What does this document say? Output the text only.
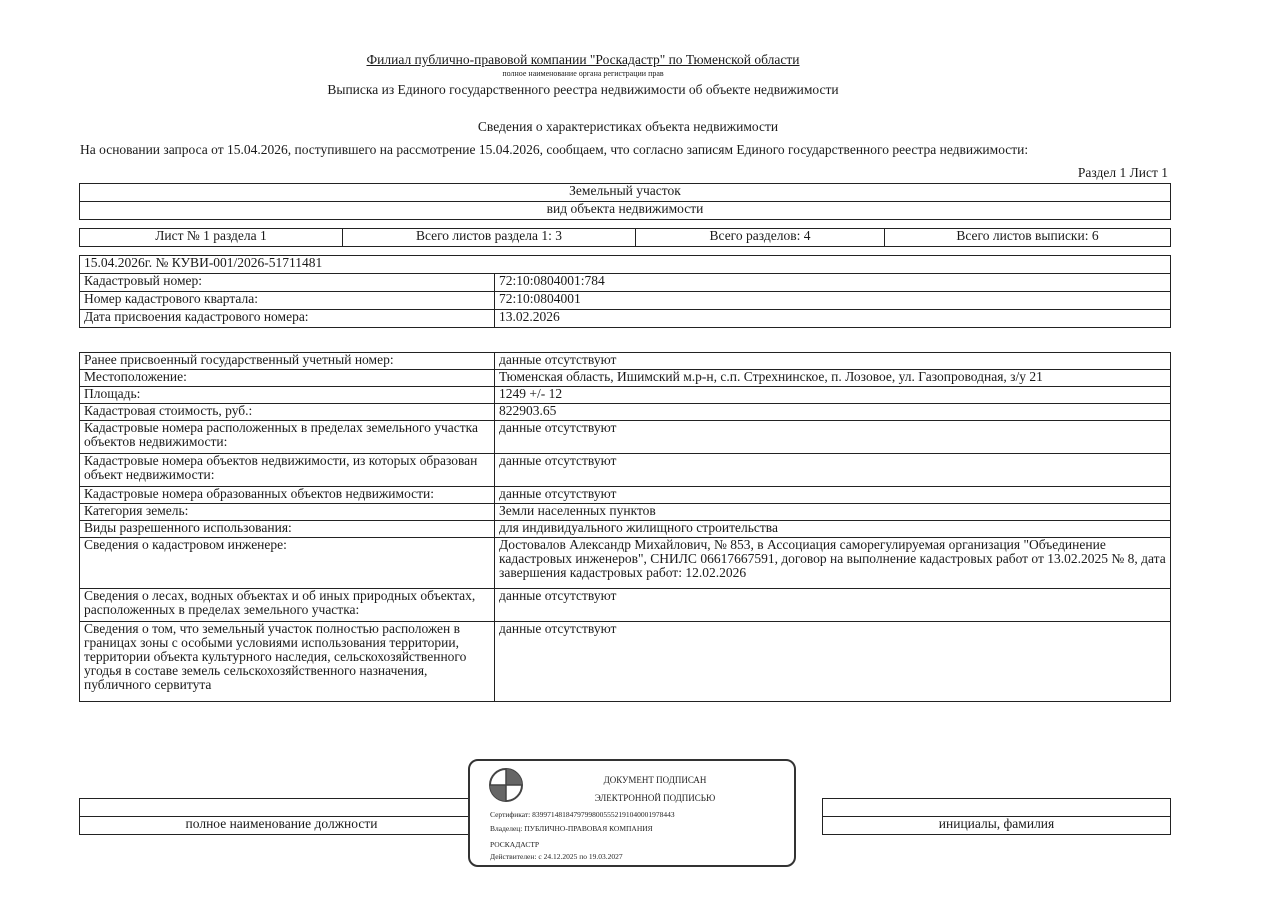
Филиал публично-правовой компании "Роскадастр" по Тюменской области
полное наименование органа регистрации прав
Выписка из Единого государственного реестра недвижимости об объекте недвижимости
Сведения о характеристиках объекта недвижимости
На основании запроса от 15.04.2026, поступившего на рассмотрение 15.04.2026, сообщаем, что согласно записям Единого государственного реестра недвижимости:
Раздел 1 Лист 1
Земельный участок
вид объекта недвижимости
Лист № 1 раздела 1	Всего листов раздела 1: 3	Всего разделов: 4	Всего листов выписки: 6
15.04.2026г. № КУВИ-001/2026-51711481	
Кадастровый номер:	72:10:0804001:784
Номер кадастрового квартала:	72:10:0804001
Дата присвоения кадастрового номера:	13.02.2026
Ранее присвоенный государственный учетный номер:	данные отсутствуют
Местоположение:	Тюменская область, Ишимский м.р-н, с.п. Стрехнинское, п. Лозовое, ул. Газопроводная, з/у 21
Площадь:	1249 +/- 12
Кадастровая стоимость, руб.:	822903.65
Кадастровые номера расположенных в пределах земельного участка объектов недвижимости:	данные отсутствуют
Кадастровые номера объектов недвижимости, из которых образован объект недвижимости:	данные отсутствуют
Кадастровые номера образованных объектов недвижимости:	данные отсутствуют
Категория земель:	Земли населенных пунктов
Виды разрешенного использования:	для индивидуального жилищного строительства
Сведения о кадастровом инженере:	Достовалов Александр Михайлович, № 853, в Ассоциация саморегулируемая организация "Объединение кадастровых инженеров", СНИЛС 06617667591, договор на выполнение кадастровых работ от 13.02.2025 № 8, дата завершения кадастровых работ: 12.02.2026
Сведения о лесах, водных объектах и об иных природных объектах, расположенных в пределах земельного участка:	данные отсутствуют
Сведения о том, что земельный участок полностью расположен в границах зоны с особыми условиями использования территории, территории объекта культурного наследия, сельскохозяйственного угодья в составе земель сельскохозяйственного назначения, публичного сервитута	данные отсутствуют

полное наименование должности		инициалы, фамилия
ДОКУМЕНТ ПОДПИСАН
ЭЛЕКТРОННОЙ ПОДПИСЬЮ
Сертификат: 8399714818479799800555219104000197844З
Владелец: ПУБЛИЧНО-ПРАВОВАЯ КОМПАНИЯ
РОСКАДАСТР
Действителен: с 24.12.2025 по 19.03.2027
